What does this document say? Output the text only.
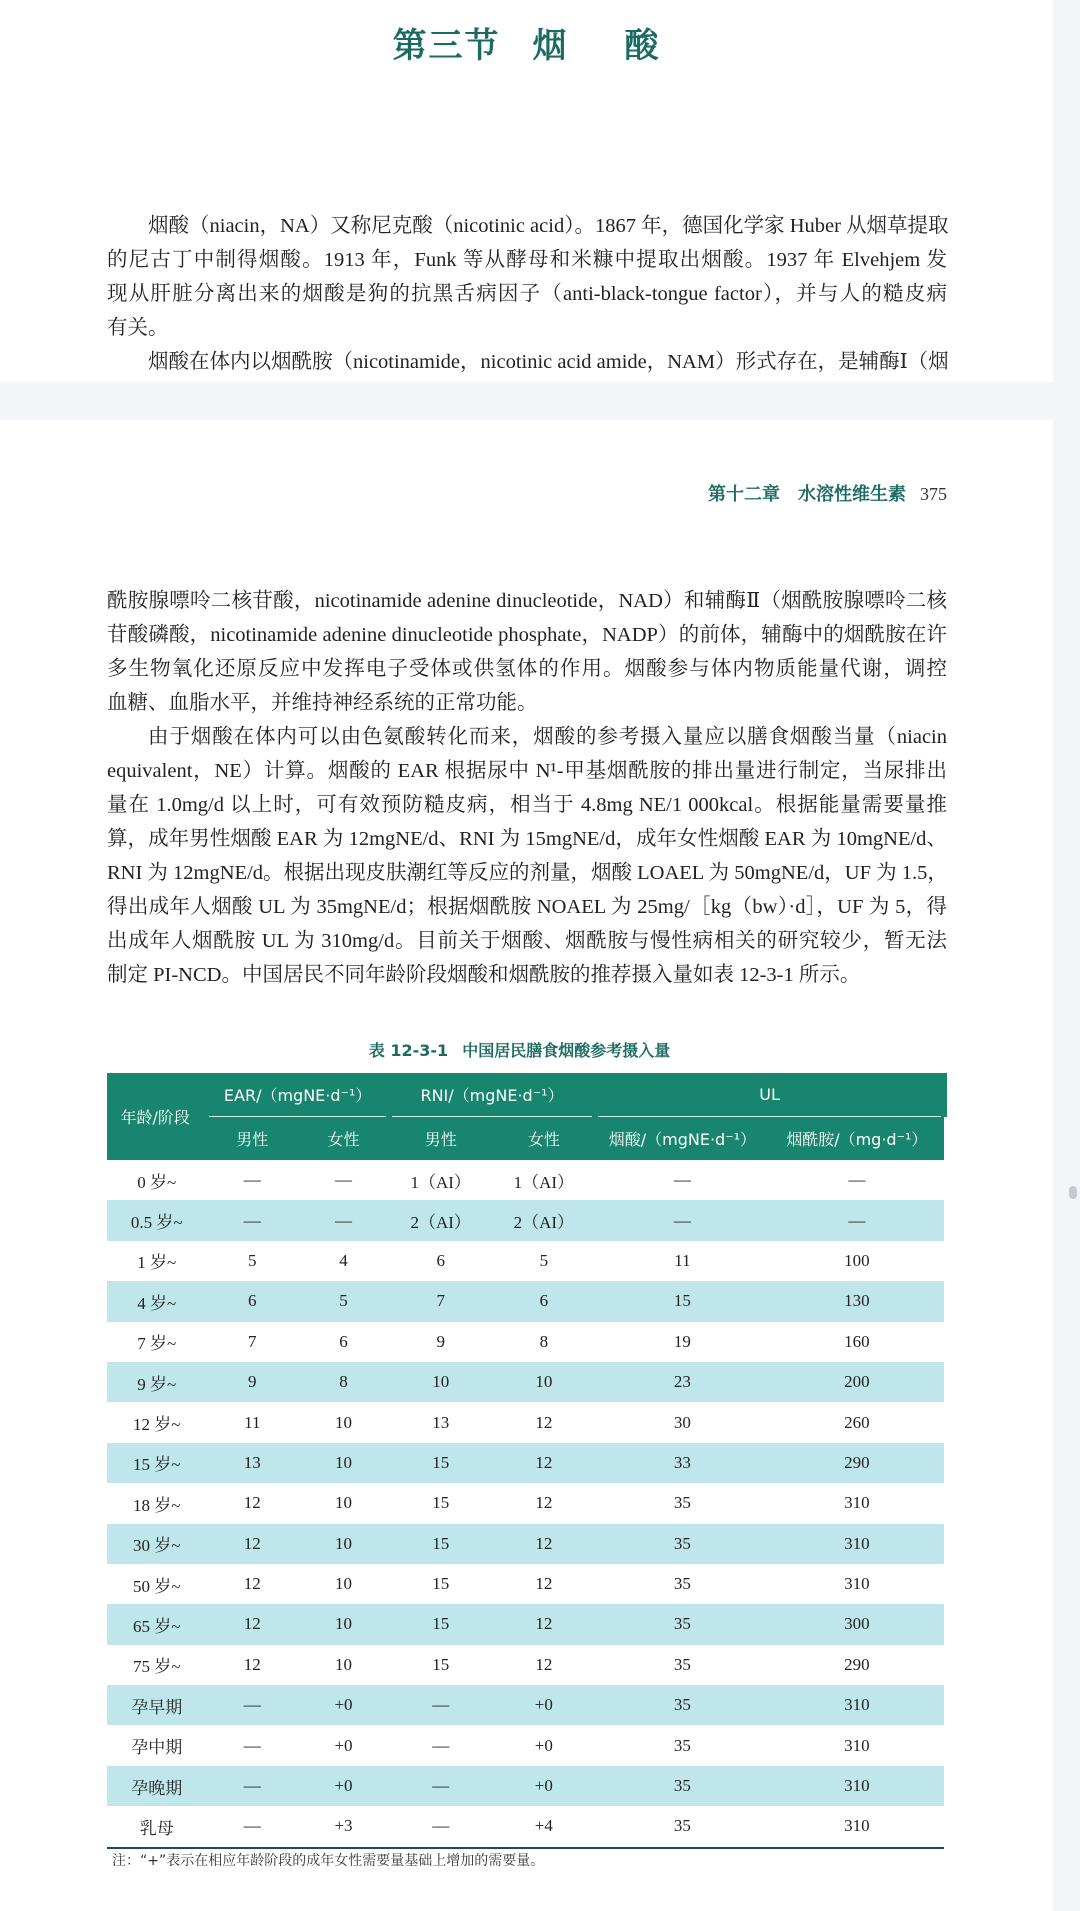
第三节 烟 酸
烟酸（niacin，NA）又称尼克酸（nicotinic acid）。1867 年，德国化学家 Huber 从烟草提取
的尼古丁中制得烟酸。1913 年，Funk 等从酵母和米糠中提取出烟酸。1937 年 Elvehjem 发
现从肝脏分离出来的烟酸是狗的抗黑舌病因子（anti-black-tongue factor），并与人的糙皮病
有关。
烟酸在体内以烟酰胺（nicotinamide，nicotinic acid amide，NAM）形式存在，是辅酶Ⅰ（烟
第十二章　水溶性维生素 375
酰胺腺嘌呤二核苷酸，nicotinamide adenine dinucleotide，NAD）和辅酶Ⅱ（烟酰胺腺嘌呤二核
苷酸磷酸，nicotinamide adenine dinucleotide phosphate，NADP）的前体，辅酶中的烟酰胺在许
多生物氧化还原反应中发挥电子受体或供氢体的作用。烟酸参与体内物质能量代谢，调控
血糖、血脂水平，并维持神经系统的正常功能。
由于烟酸在体内可以由色氨酸转化而来，烟酸的参考摄入量应以膳食烟酸当量（niacin
equivalent，NE）计算。烟酸的 EAR 根据尿中 N¹-甲基烟酰胺的排出量进行制定，当尿排出
量在 1.0mg/d 以上时，可有效预防糙皮病，相当于 4.8mg NE/1 000kcal。根据能量需要量推
算，成年男性烟酸 EAR 为 12mgNE/d、RNI 为 15mgNE/d，成年女性烟酸 EAR 为 10mgNE/d、
RNI 为 12mgNE/d。根据出现皮肤潮红等反应的剂量，烟酸 LOAEL 为 50mgNE/d，UF 为 1.5，
得出成年人烟酸 UL 为 35mgNE/d；根据烟酰胺 NOAEL 为 25mg/［kg（bw）·d］，UF 为 5，得
出成年人烟酰胺 UL 为 310mg/d。目前关于烟酸、烟酰胺与慢性病相关的研究较少，暂无法
制定 PI-NCD。中国居民不同年龄阶段烟酸和烟酰胺的推荐摄入量如表 12-3-1 所示。
表 12-3-1 中国居民膳食烟酸参考摄入量
年龄/阶段	EAR/（mgNE·d⁻¹）		RNI/（mgNE·d⁻¹）		UL	
	男性	女性	男性	女性	烟酸/（mgNE·d⁻¹）	烟酰胺/（mg·d⁻¹）
0 岁~	—	—	1（AI）	1（AI）	—	—
0.5 岁~	—	—	2（AI）	2（AI）	—	—
1 岁~	5	4	6	5	11	100
4 岁~	6	5	7	6	15	130
7 岁~	7	6	9	8	19	160
9 岁~	9	8	10	10	23	200
12 岁~	11	10	13	12	30	260
15 岁~	13	10	15	12	33	290
18 岁~	12	10	15	12	35	310
30 岁~	12	10	15	12	35	310
50 岁~	12	10	15	12	35	310
65 岁~	12	10	15	12	35	300
75 岁~	12	10	15	12	35	290
孕早期	—	+0	—	+0	35	310
孕中期	—	+0	—	+0	35	310
孕晚期	—	+0	—	+0	35	310
乳母	—	+3	—	+4	35	310
注：“+”表示在相应年龄阶段的成年女性需要量基础上增加的需要量。
